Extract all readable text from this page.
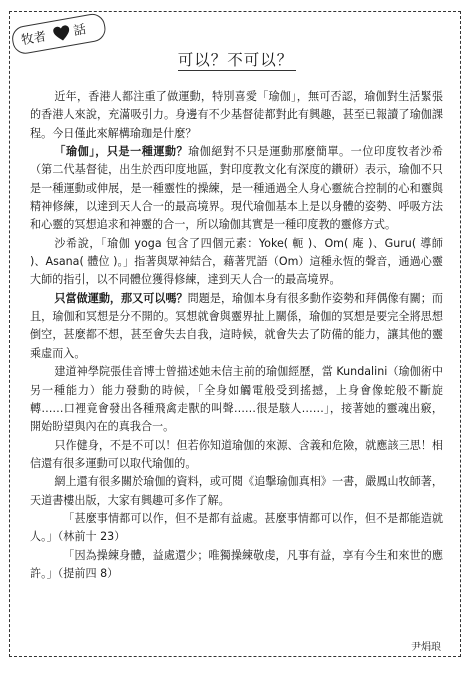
牧者 話
可以？不可以？

近年，香港人都注重了做運動，特別喜愛「瑜伽」，無可否認，瑜伽對生活緊張的香港人來說，充滿吸引力。身邊有不少基督徒都對此有興趣，甚至已報讀了瑜伽課程。今日僅此來解構瑜珈是什麼？

「瑜伽」，只是一種運動？瑜伽絕對不只是運動那麼簡單。一位印度牧者沙希（第二代基督徒，出生於西印度地區，對印度教文化有深度的鑽研）表示，瑜伽不只是一種運動或伸展，是一種靈性的操練，是一種通過全人身心靈統合控制的心和靈與精神修練，以達到天人合一的最高境界。現代瑜伽基本上是以身體的姿勢、呼吸方法和心靈的冥想追求和神靈的合一，所以瑜伽其實是一種印度教的靈修方式。

沙希說，「瑜伽 yoga 包含了四個元素：Yoke( 軛 )、Om( 庵 )、Guru( 導師 )、Asana( 體位 )。」指著與眾神結合，藉著咒語（Om）這種永恆的聲音，通過心靈大師的指引，以不同體位獲得修練，達到天人合一的最高境界。

只當做運動，那又可以嗎？問題是，瑜伽本身有很多動作姿勢和拜偶像有關；而且，瑜伽和冥想是分不開的。冥想就會與靈界扯上關係，瑜伽的冥想是要完全將思想倒空，甚麼都不想，甚至會失去自我，這時候，就會失去了防備的能力，讓其他的靈乘虛而入。

建道神學院張佳音博士曾描述她未信主前的瑜伽經歷，當 Kundalini（瑜伽術中另一種能力）能力發動的時候，「全身如觸電般受到搖撼，上身會像蛇般不斷旋轉……口裡竟會發出各種飛禽走獸的叫聲……很是駭人……」，接著她的靈魂出竅，開始盼望與內在的真我合一。

只作健身，不是不可以！但若你知道瑜伽的來源、含義和危險，就應該三思！相信還有很多運動可以取代瑜伽的。

網上還有很多關於瑜伽的資料，或可閱《追擊瑜伽真相》一書，嚴鳳山牧師著，天道書樓出版，大家有興趣可多作了解。

「甚麼事情都可以作，但不是都有益處。甚麼事情都可以作，但不是都能造就人。」（林前十 23）

「因為操練身體，益處還少；唯獨操練敬虔，凡事有益，享有今生和來世的應許。」（提前四 8）

尹焆琅
